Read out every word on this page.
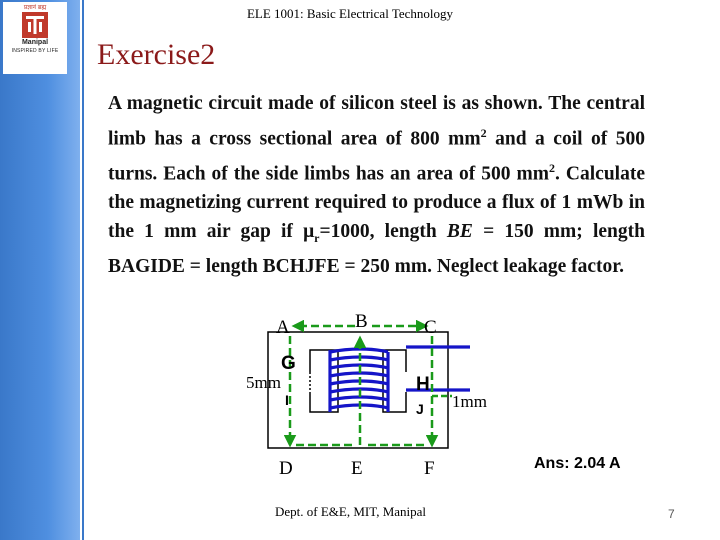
प्रज्ञानं ब्रह्म
Manipal
INSPIRED BY LIFE
ELE 1001: Basic Electrical Technology
Exercise2
A magnetic circuit made of silicon steel is as shown. The central limb has a cross sectional area of 800 $mm^2$ and a coil of 500 turns. Each of the side limbs has an area of 500 $mm^2$. Calculate the magnetizing current required to produce a flux of 1 mWb in the 1 mm air gap if $\mu_r=1000$, length BE = 150 mm; length BAGIDE = length BCHJFE = 250 mm. Neglect leakage factor.
A	B	C
D	E	F
5mm
1mm
G
H
I
J
Ans: 2.04 A
Dept. of E&E, MIT, Manipal	7
